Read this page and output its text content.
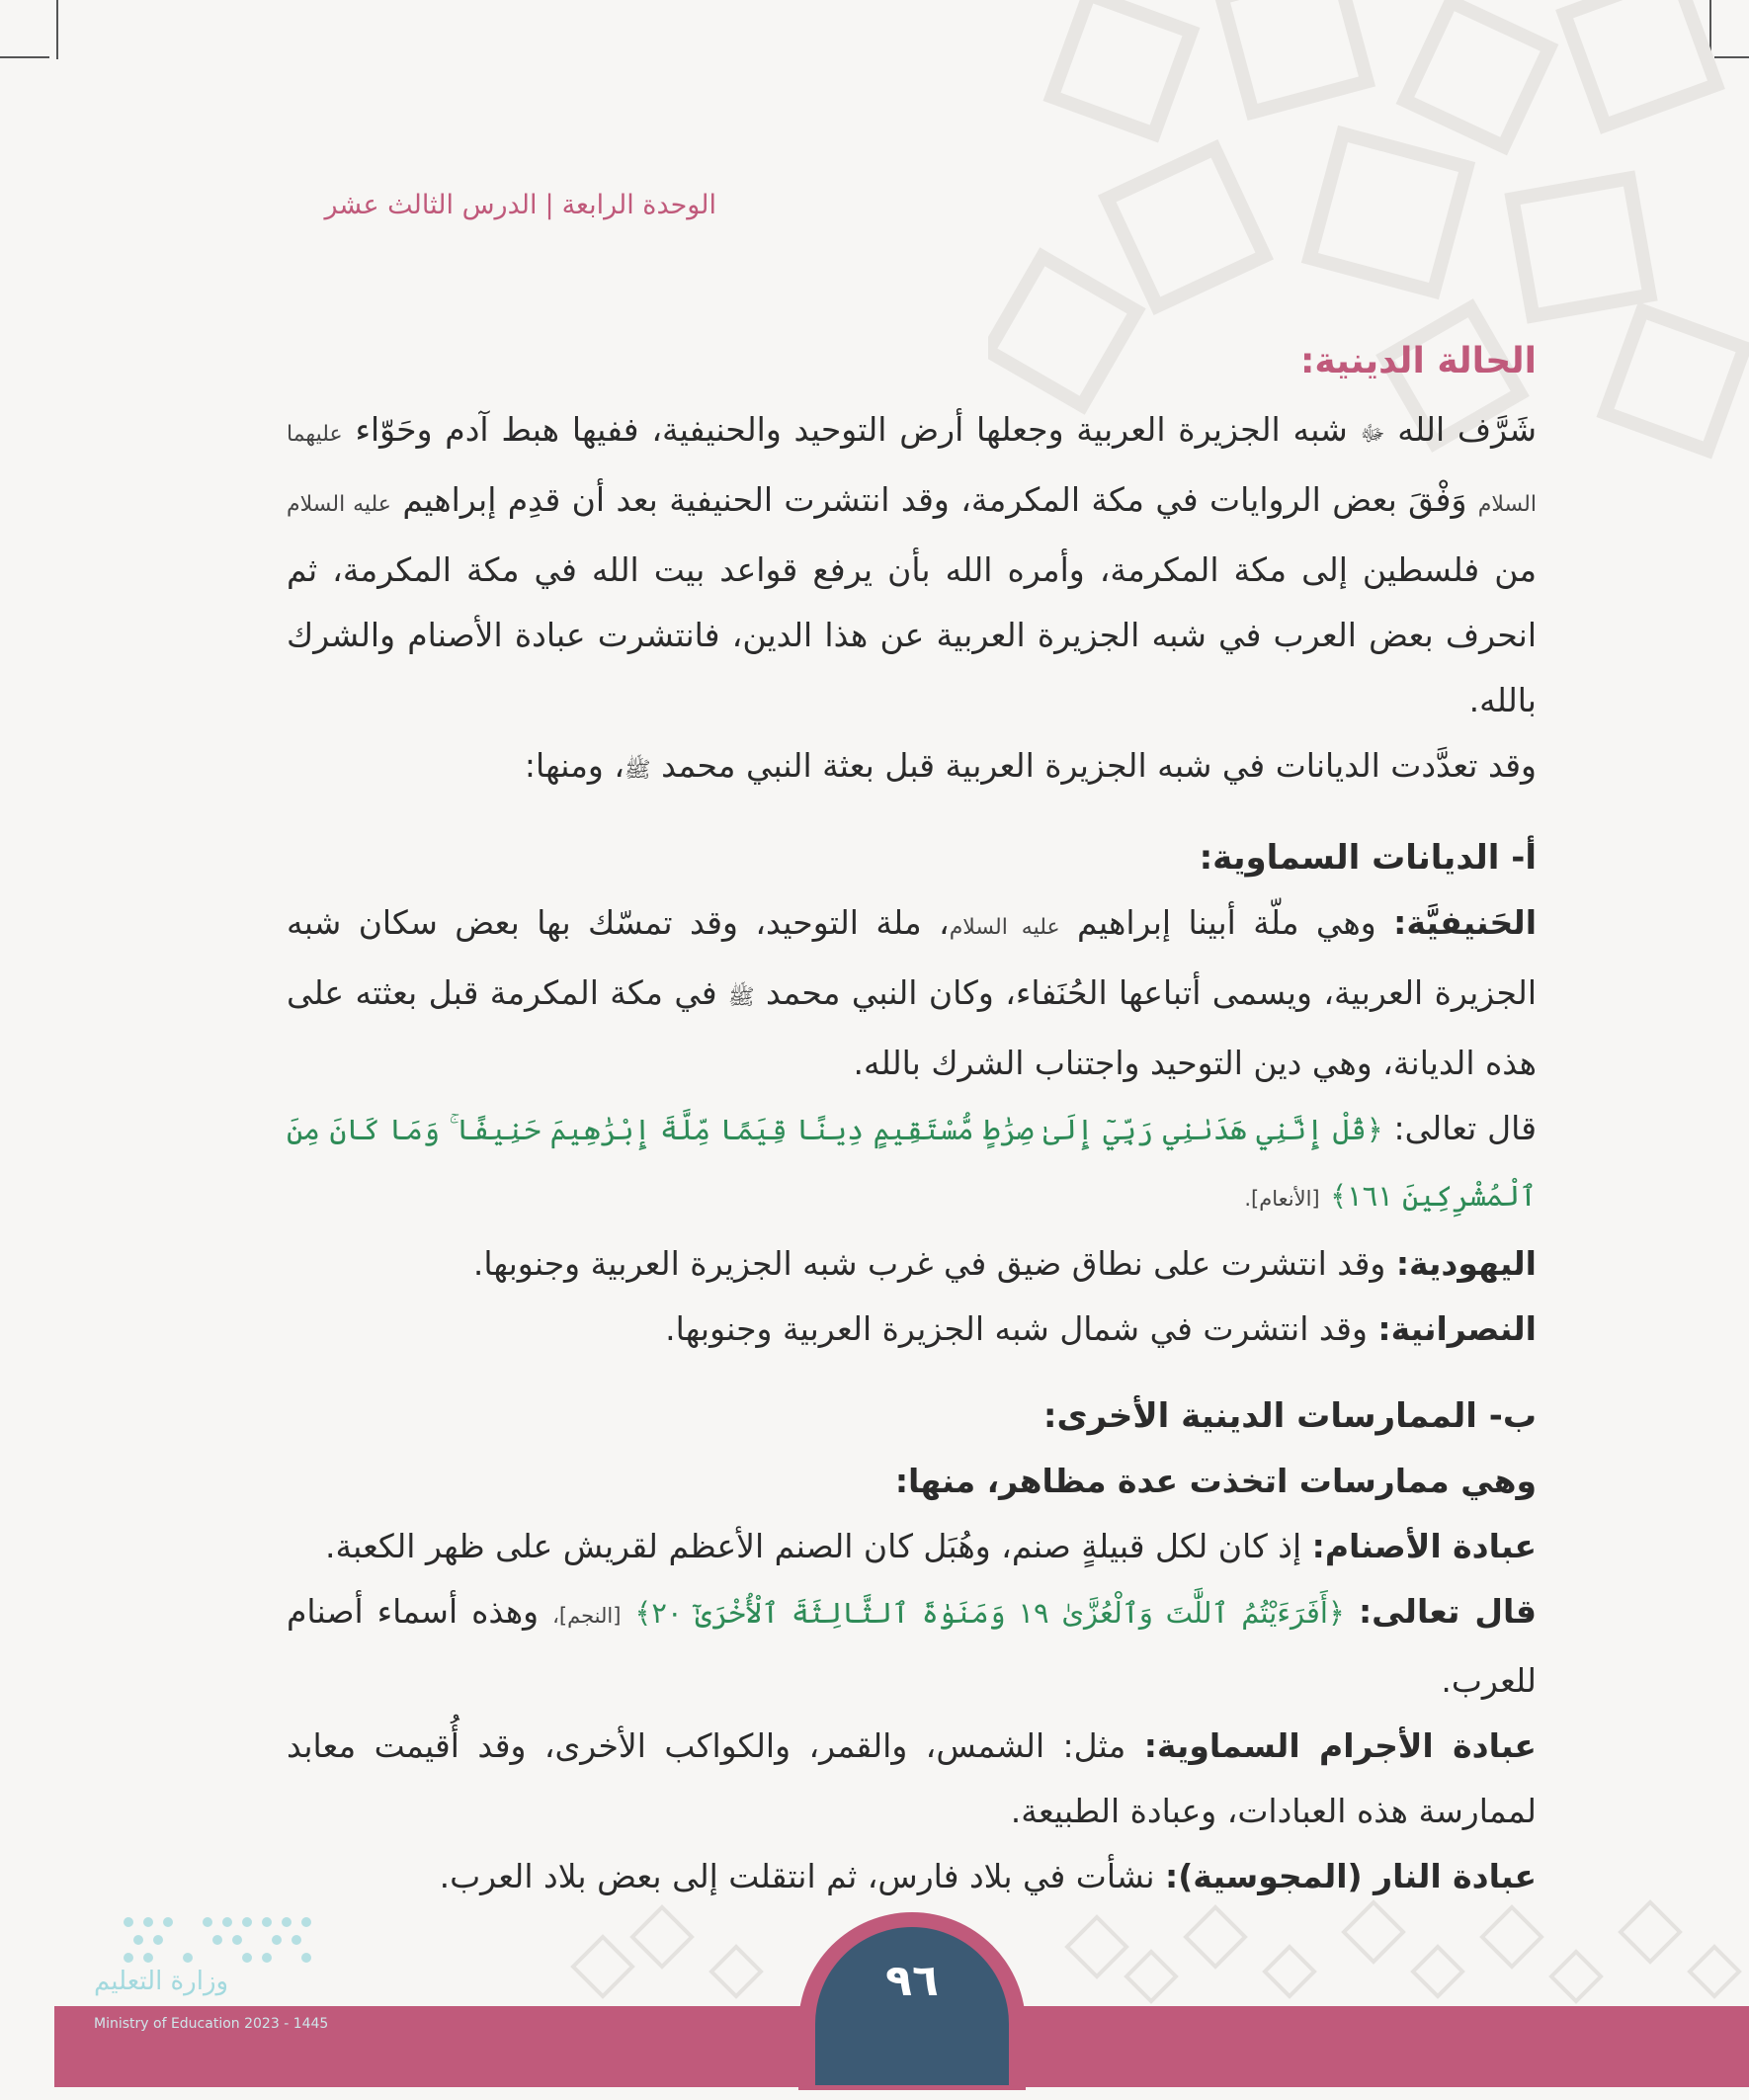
الوحدة الرابعة|الدرس الثالث عشر

الحالة الدينية:

شَرَّف الله ﷻ شبه الجزيرة العربية وجعلها أرض التوحيد والحنيفية، ففيها هبط آدم وحَوّاء عليهما السلام وَفْقَ بعض الروايات في مكة المكرمة، وقد انتشرت الحنيفية بعد أن قدِم إبراهيم عليه السلام من فلسطين إلى مكة المكرمة، وأمره الله بأن يرفع قواعد بيت الله في مكة المكرمة، ثم انحرف بعض العرب في شبه الجزيرة العربية عن هذا الدين، فانتشرت عبادة الأصنام والشرك بالله.

وقد تعدَّدت الديانات في شبه الجزيرة العربية قبل بعثة النبي محمد ﷺ، ومنها:

أ- الديانات السماوية:

الحَنيفيَّة: وهي ملّة أبينا إبراهيم عليه السلام، ملة التوحيد، وقد تمسّك بها بعض سكان شبه الجزيرة العربية، ويسمى أتباعها الحُنَفاء، وكان النبي محمد ﷺ في مكة المكرمة قبل بعثته على هذه الديانة، وهي دين التوحيد واجتناب الشرك بالله.

قال تعالى: ﴿قُلْ إِنَّنِي هَدَىٰنِي رَبِّيٓ إِلَىٰ صِرَٰطٍ مُّسْتَقِيمٍ دِينًا قِيَمًا مِّلَّةَ إِبْرَٰهِيمَ حَنِيفًا ۚ وَمَا كَانَ مِنَ ٱلْمُشْرِكِينَ ١٦١﴾ [الأنعام].

اليهودية: وقد انتشرت على نطاق ضيق في غرب شبه الجزيرة العربية وجنوبها.

النصرانية: وقد انتشرت في شمال شبه الجزيرة العربية وجنوبها.

ب- الممارسات الدينية الأخرى:

وهي ممارسات اتخذت عدة مظاهر، منها:

عبادة الأصنام: إذ كان لكل قبيلةٍ صنم، وهُبَل كان الصنم الأعظم لقريش على ظهر الكعبة.

قال تعالى: ﴿أَفَرَءَيْتُمُ ٱللَّٰتَ وَٱلْعُزَّىٰ ١٩ وَمَنَوٰةَ ٱلثَّالِثَةَ ٱلْأُخْرَىٰٓ ٢٠﴾ [النجم]، وهذه أسماء أصنام للعرب.

عبادة الأجرام السماوية: مثل: الشمس، والقمر، والكواكب الأخرى، وقد أُقيمت معابد لممارسة هذه العبادات، وعبادة الطبيعة.

عبادة النار (المجوسية): نشأت في بلاد فارس، ثم انتقلت إلى بعض بلاد العرب.

٩٦
وزارة التعليم
Ministry of Education 2023 - 1445
